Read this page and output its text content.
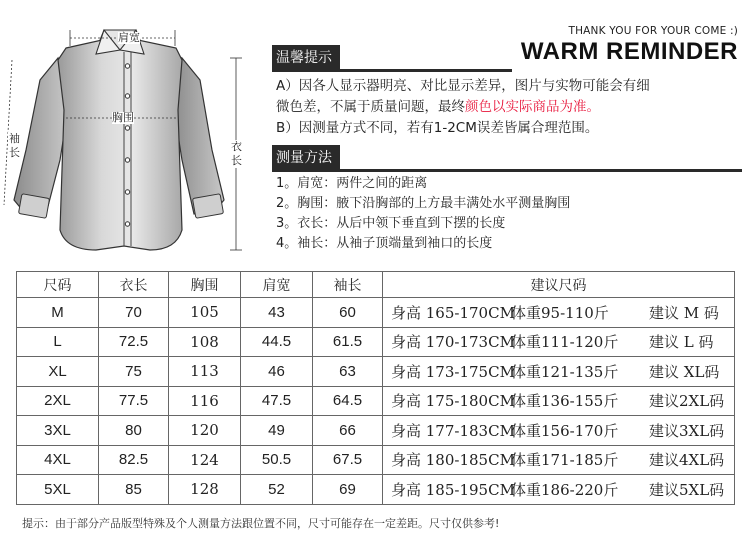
肩宽
胸围
袖长	衣长
THANK YOU FOR YOUR COME :)
WARM REMINDER
温馨提示
A）因各人显示器明亮、对比显示差异，图片与实物可能会有细
微色差，不属于质量问题，最终颜色以实际商品为准。
B）因测量方式不同，若有1-2CM误差皆属合理范围。
测量方法
1。肩宽：两件之间的距离
2。胸围：腋下沿胸部的上方最丰满处水平测量胸围
3。衣长：从后中领下垂直到下摆的长度
4。袖长：从袖子顶端量到袖口的长度
尺码	衣长	胸围	肩宽	袖长	建议尺码
M	70	105	43	60	身高 165-170CM体重95-110斤 建议 M 码
L	72.5	108	44.5	61.5	身高 170-173CM体重111-120斤 建议 L 码
XL	75	113	46	63	身高 173-175CM体重121-135斤 建议 XL码
2XL	77.5	116	47.5	64.5	身高 175-180CM体重136-155斤 建议2XL码
3XL	80	120	49	66	身高 177-183CM体重156-170斤 建议3XL码
4XL	82.5	124	50.5	67.5	身高 180-185CM体重171-185斤 建议4XL码
5XL	85	128	52	69	身高 185-195CM体重186-220斤 建议5XL码
提示：由于部分产品版型特殊及个人测量方法跟位置不同，尺寸可能存在一定差距。尺寸仅供参考!
